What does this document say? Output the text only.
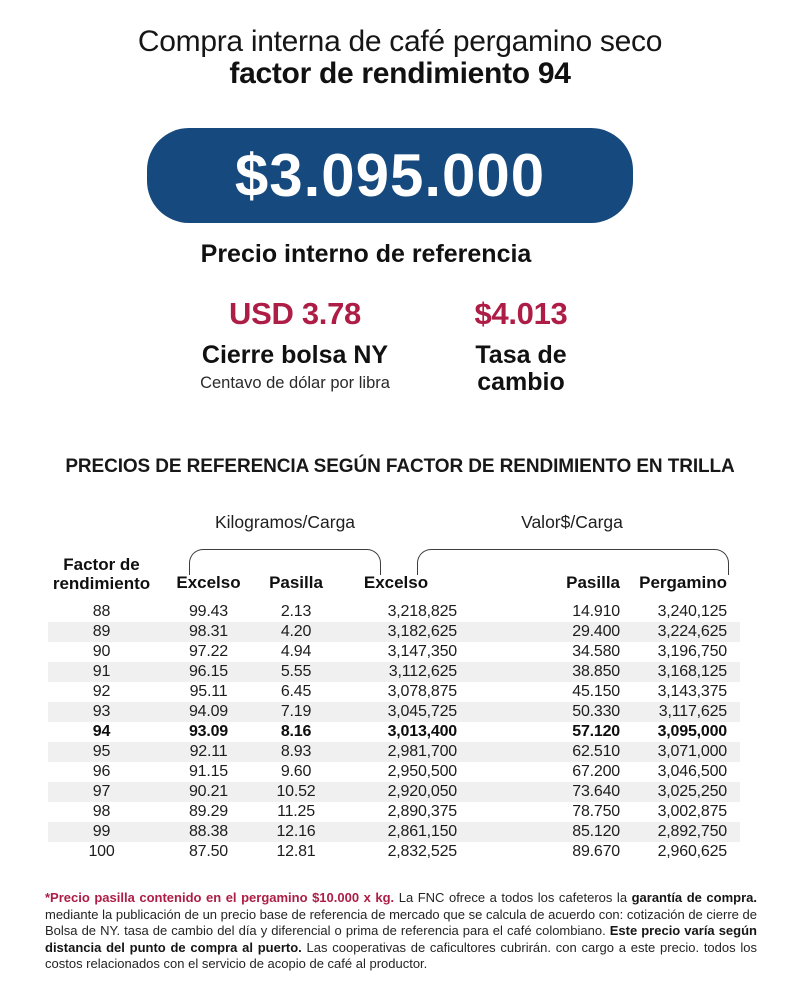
Compra interna de café pergamino seco
factor de rendimiento 94
$3.095.000
Precio interno de referencia
USD 3.78
Cierre bolsa NY
Centavo de dólar por libra
$4.013
Tasa de
cambio
PRECIOS DE REFERENCIA SEGÚN FACTOR DE RENDIMIENTO EN TRILLA
Kilogramos/Carga	Valor$/Carga
Factor de
rendimiento	Excelso	Pasilla	Excelso	Pasilla	Pergamino
88	99.43	2.13	3,218,825	14.910	3,240,125
89	98.31	4.20	3,182,625	29.400	3,224,625
90	97.22	4.94	3,147,350	34.580	3,196,750
91	96.15	5.55	3,112,625	38.850	3,168,125
92	95.11	6.45	3,078,875	45.150	3,143,375
93	94.09	7.19	3,045,725	50.330	3,117,625
94	93.09	8.16	3,013,400	57.120	3,095,000
95	92.11	8.93	2,981,700	62.510	3,071,000
96	91.15	9.60	2,950,500	67.200	3,046,500
97	90.21	10.52	2,920,050	73.640	3,025,250
98	89.29	11.25	2,890,375	78.750	3,002,875
99	88.38	12.16	2,861,150	85.120	2,892,750
100	87.50	12.81	2,832,525	89.670	2,960,625

*Precio pasilla contenido en el pergamino $10.000 x kg. La FNC ofrece a todos los cafeteros la garantía de compra. mediante la publicación de un precio base de referencia de mercado que se calcula de acuerdo con: cotización de cierre de Bolsa de NY. tasa de cambio del día y diferencial o prima de referencia para el café colombiano. Este precio varía según distancia del punto de compra al puerto. Las cooperativas de caficultores cubrirán. con cargo a este precio. todos los costos relacionados con el servicio de acopio de café al productor.
